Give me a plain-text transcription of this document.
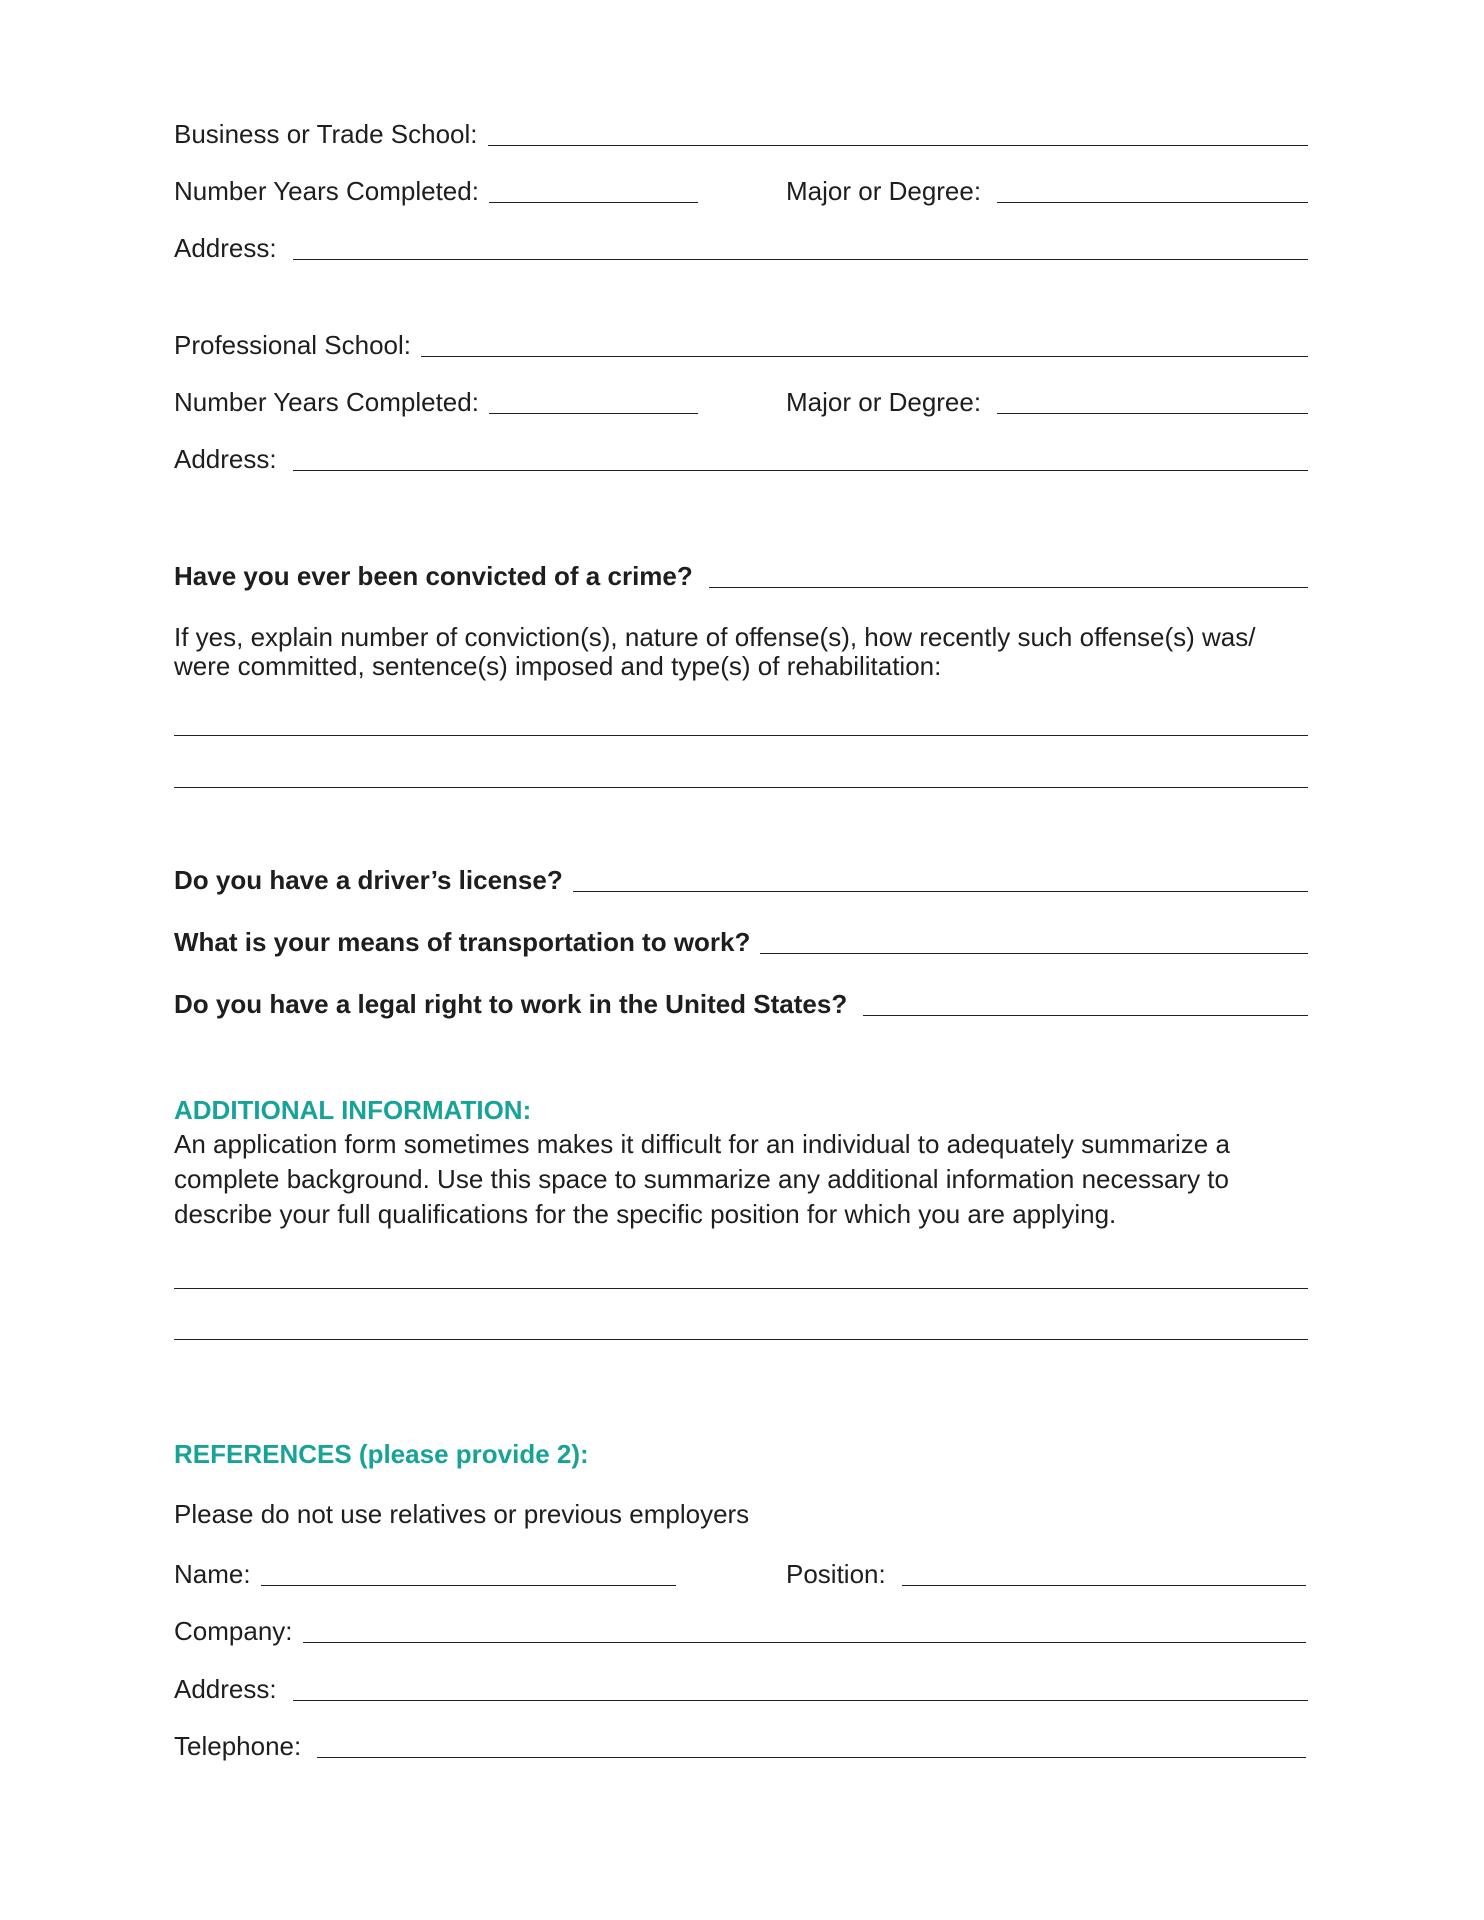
Business or Trade School:
Number Years Completed:	Major or Degree:
Address:
Professional School:
Number Years Completed:	Major or Degree:
Address:
Have you ever been convicted of a crime?
If yes, explain number of conviction(s), nature of offense(s), how recently such offense(s) was/
were committed, sentence(s) imposed and type(s) of rehabilitation:
Do you have a driver’s license?
What is your means of transportation to work?
Do you have a legal right to work in the United States?
ADDITIONAL INFORMATION:
An application form sometimes makes it difficult for an individual to adequately summarize a
complete background. Use this space to summarize any additional information necessary to
describe your full qualifications for the specific position for which you are applying.
REFERENCES (please provide 2):
Please do not use relatives or previous employers
Name:	Position:
Company:
Address:
Telephone:
